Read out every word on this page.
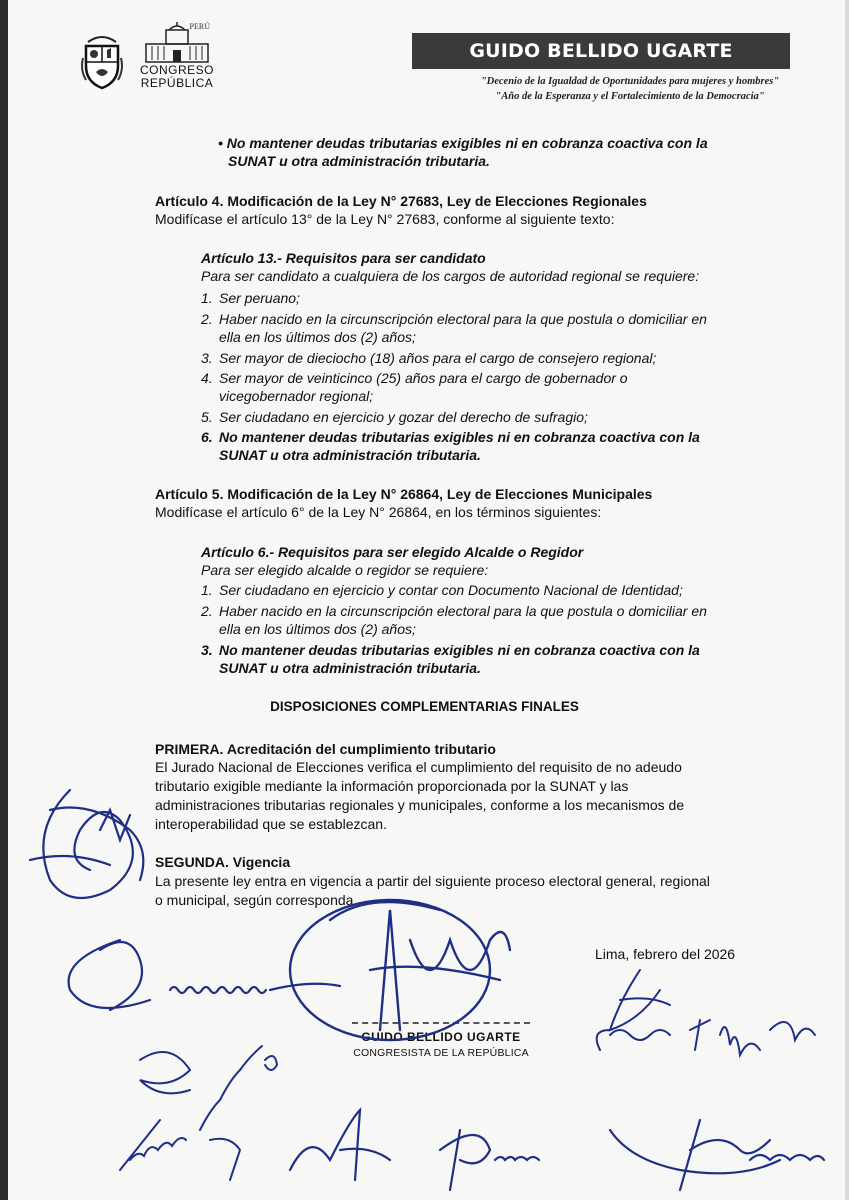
PERÚ
CONGRESO
REPÚBLICA
GUIDO BELLIDO UGARTE
"Decenio de la Igualdad de Oportunidades para mujeres y hombres"
"Año de la Esperanza y el Fortalecimiento de la Democracia"
• No mantener deudas tributarias exigibles ni en cobranza coactiva con la
SUNAT u otra administración tributaria.
Artículo 4. Modificación de la Ley N° 27683, Ley de Elecciones Regionales
Modifícase el artículo 13° de la Ley N° 27683, conforme al siguiente texto:
Artículo 13.- Requisitos para ser candidato
Para ser candidato a cualquiera de los cargos de autoridad regional se requiere:
1. Ser peruano;
2. Haber nacido en la circunscripción electoral para la que postula o domiciliar en
ella en los últimos dos (2) años;
3. Ser mayor de dieciocho (18) años para el cargo de consejero regional;
4. Ser mayor de veinticinco (25) años para el cargo de gobernador o
vicegobernador regional;
5. Ser ciudadano en ejercicio y gozar del derecho de sufragio;
6. No mantener deudas tributarias exigibles ni en cobranza coactiva con la
SUNAT u otra administración tributaria.
Artículo 5. Modificación de la Ley N° 26864, Ley de Elecciones Municipales
Modifícase el artículo 6° de la Ley N° 26864, en los términos siguientes:
Artículo 6.- Requisitos para ser elegido Alcalde o Regidor
Para ser elegido alcalde o regidor se requiere:
1. Ser ciudadano en ejercicio y contar con Documento Nacional de Identidad;
2. Haber nacido en la circunscripción electoral para la que postula o domiciliar en
ella en los últimos dos (2) años;
3. No mantener deudas tributarias exigibles ni en cobranza coactiva con la
SUNAT u otra administración tributaria.
DISPOSICIONES COMPLEMENTARIAS FINALES
PRIMERA. Acreditación del cumplimiento tributario
El Jurado Nacional de Elecciones verifica el cumplimiento del requisito de no adeudo
tributario exigible mediante la información proporcionada por la SUNAT y las
administraciones tributarias regionales y municipales, conforme a los mecanismos de
interoperabilidad que se establezcan.
SEGUNDA. Vigencia
La presente ley entra en vigencia a partir del siguiente proceso electoral general, regional
o municipal, según corresponda.
Lima, febrero del 2026
GUIDO BELLIDO UGARTE
CONGRESISTA DE LA REPÚBLICA
